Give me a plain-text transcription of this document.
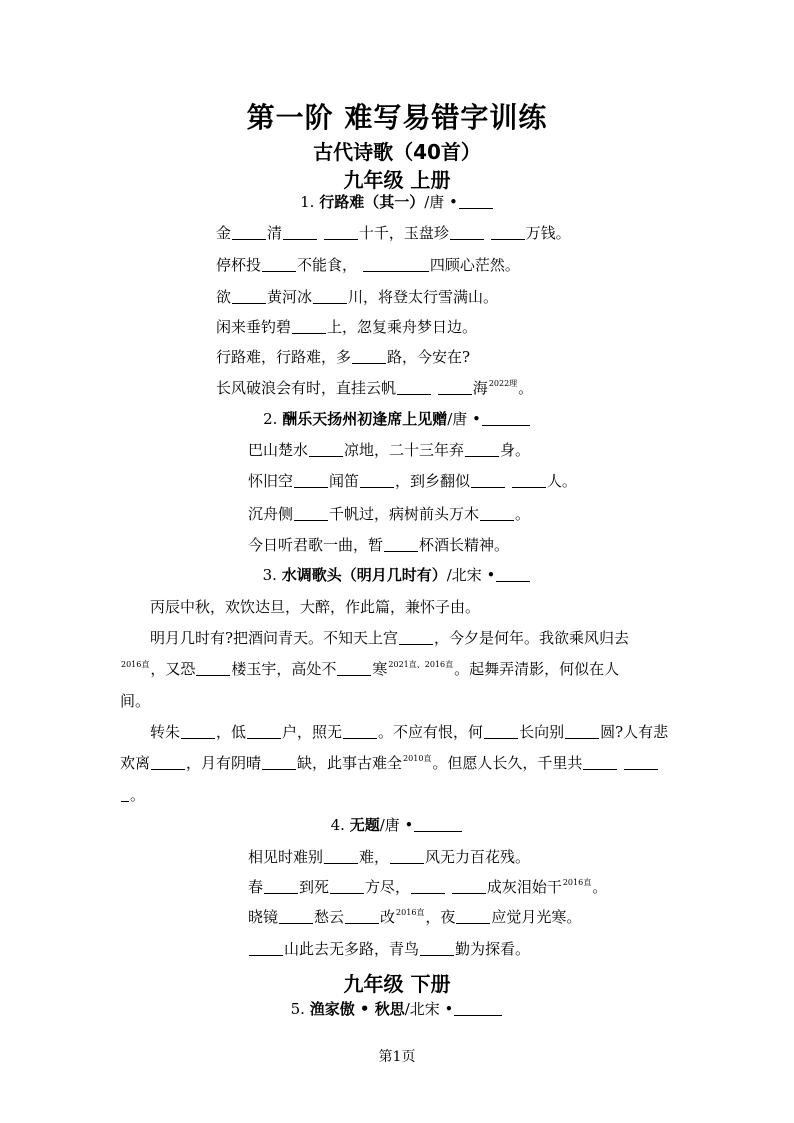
第一阶 难写易错字训练
古代诗歌（40首）
九年级 上册
1. 行路难（其一）/唐 •
金 清	十千，玉盘珍	万钱。
停杯投 不能食，	四顾心茫然。
欲 黄河冰 川，将登太行雪满山。
闲来垂钓碧 上，忽复乘舟梦日边。
行路难，行路难，多 路，今安在?
长风破浪会有时，直挂云帆	海$^{2022理}$。
2. 酬乐天扬州初逢席上见赠/唐 •
巴山楚水 凉地，二十三年弃 身。
怀旧空 闻笛 ，到乡翻似	人。
沉舟侧 千帆过，病树前头万木 。
今日听君歌一曲，暂 杯酒长精神。
3. 水调歌头（明月几时有）/北宋 •
丙辰中秋，欢饮达旦，大醉，作此篇，兼怀子由。
明月几时有?把酒问青天。不知天上宫 ，今夕是何年。我欲乘风归去
$^{2016直}$，又恐 楼玉宇，高处不 寒$^{2021直、2016直}$。起舞弄清影，何似在人
间。
转朱 ，低 户，照无 。不应有恨，何 长向别 圆?人有悲
欢离 ，月有阴晴 缺，此事古难全$^{2010直}$。但愿人长久，千里共
。
4. 无题/唐 •
相见时难别 难， 风无力百花残。
春 到死 方尽，	成灰泪始干$^{2016直}$。
晓镜 愁云 改$^{2016直}$，夜 应觉月光寒。
山此去无多路，青鸟 勤为探看。
九年级 下册
5. 渔家傲 • 秋思/北宋 •
第1页
